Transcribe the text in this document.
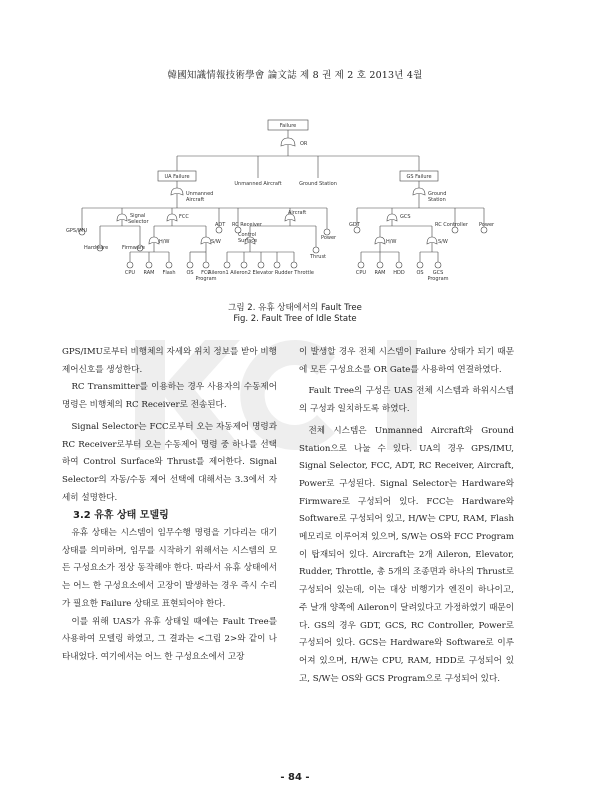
韓國知識情報技術學會 論文誌 제 8 권 제 2 호 2013년 4월
Failure
OR
UA Failure
Unmanned Aircraft	Ground Station
GS Failure
Unmanned Aircraft
Ground Station
GPS/IMU
Signal Selector
FCC
ADT RC Receiver
Aircraft
Power
GDT
GCS
RC Controller Power
Hardware	Firmware
H/W	S/W
Control Surface
Thrust
H/W	S/W
CPU RAM Flash OS	FCC Program
Aileron1 Aileron2 Elevator Rudder Throttle	CPU RAM HDD OS	GCS Program
그림 2. 유휴 상태에서의 Fault Tree
Fig. 2. Fault Tree of Idle State

GPS/IMU로부터 비행체의 자세와 위치 정보를 받아 비행제어신호를 생성한다.

RC Transmitter를 이용하는 경우 사용자의 수동제어 명령은 비행체의 RC Receiver로 전송된다.

Signal Selector는 FCC로부터 오는 자동제어 명령과 RC Receiver로부터 오는 수동제어 명령 중 하나를 선택하여 Control Surface와 Thrust를 제어한다. Signal Selector의 자동/수동 제어 선택에 대해서는 3.3에서 자세히 설명한다.

3.2 유휴 상태 모델링

유휴 상태는 시스템이 임무수행 명령을 기다리는 대기상태를 의미하며, 임무를 시작하기 위해서는 시스템의 모든 구성요소가 정상 동작해야 한다. 따라서 유휴 상태에서는 어느 한 구성요소에서 고장이 발생하는 경우 즉시 수리가 필요한 Failure 상태로 표현되어야 한다.

이를 위해 UAS가 유휴 상태일 때에는 Fault Tree를 사용하여 모델링 하였고, 그 결과는 <그림 2>와 같이 나타내었다. 여기에서는 어느 한 구성요소에서 고장

이 발생할 경우 전체 시스템이 Failure 상태가 되기 때문에 모든 구성요소를 OR Gate를 사용하여 연결하였다.

Fault Tree의 구성은 UAS 전체 시스템과 하위시스템의 구성과 일치하도록 하였다.

전체 시스템은 Unmanned Aircraft와 Ground Station으로 나눌 수 있다. UA의 경우 GPS/IMU, Signal Selector, FCC, ADT, RC Receiver, Aircraft, Power로 구성된다. Signal Selector는 Hardware와 Firmware로 구성되어 있다. FCC는 Hardware와 Software로 구성되어 있고, H/W는 CPU, RAM, Flash 메모리로 이루어져 있으며, S/W는 OS와 FCC Program이 탑재되어 있다. Aircraft는 2개 Aileron, Elevator, Rudder, Throttle, 총 5개의 조종면과 하나의 Thrust로 구성되어 있는데, 이는 대상 비행기가 엔진이 하나이고, 주 날개 양쪽에 Aileron이 달려있다고 가정하였기 때문이다. GS의 경우 GDT, GCS, RC Controller, Power로 구성되어 있다. GCS는 Hardware와 Software로 이루어져 있으며, H/W는 CPU, RAM, HDD로 구성되어 있고, S/W는 OS와 GCS Program으로 구성되어 있다.

- 84 -
